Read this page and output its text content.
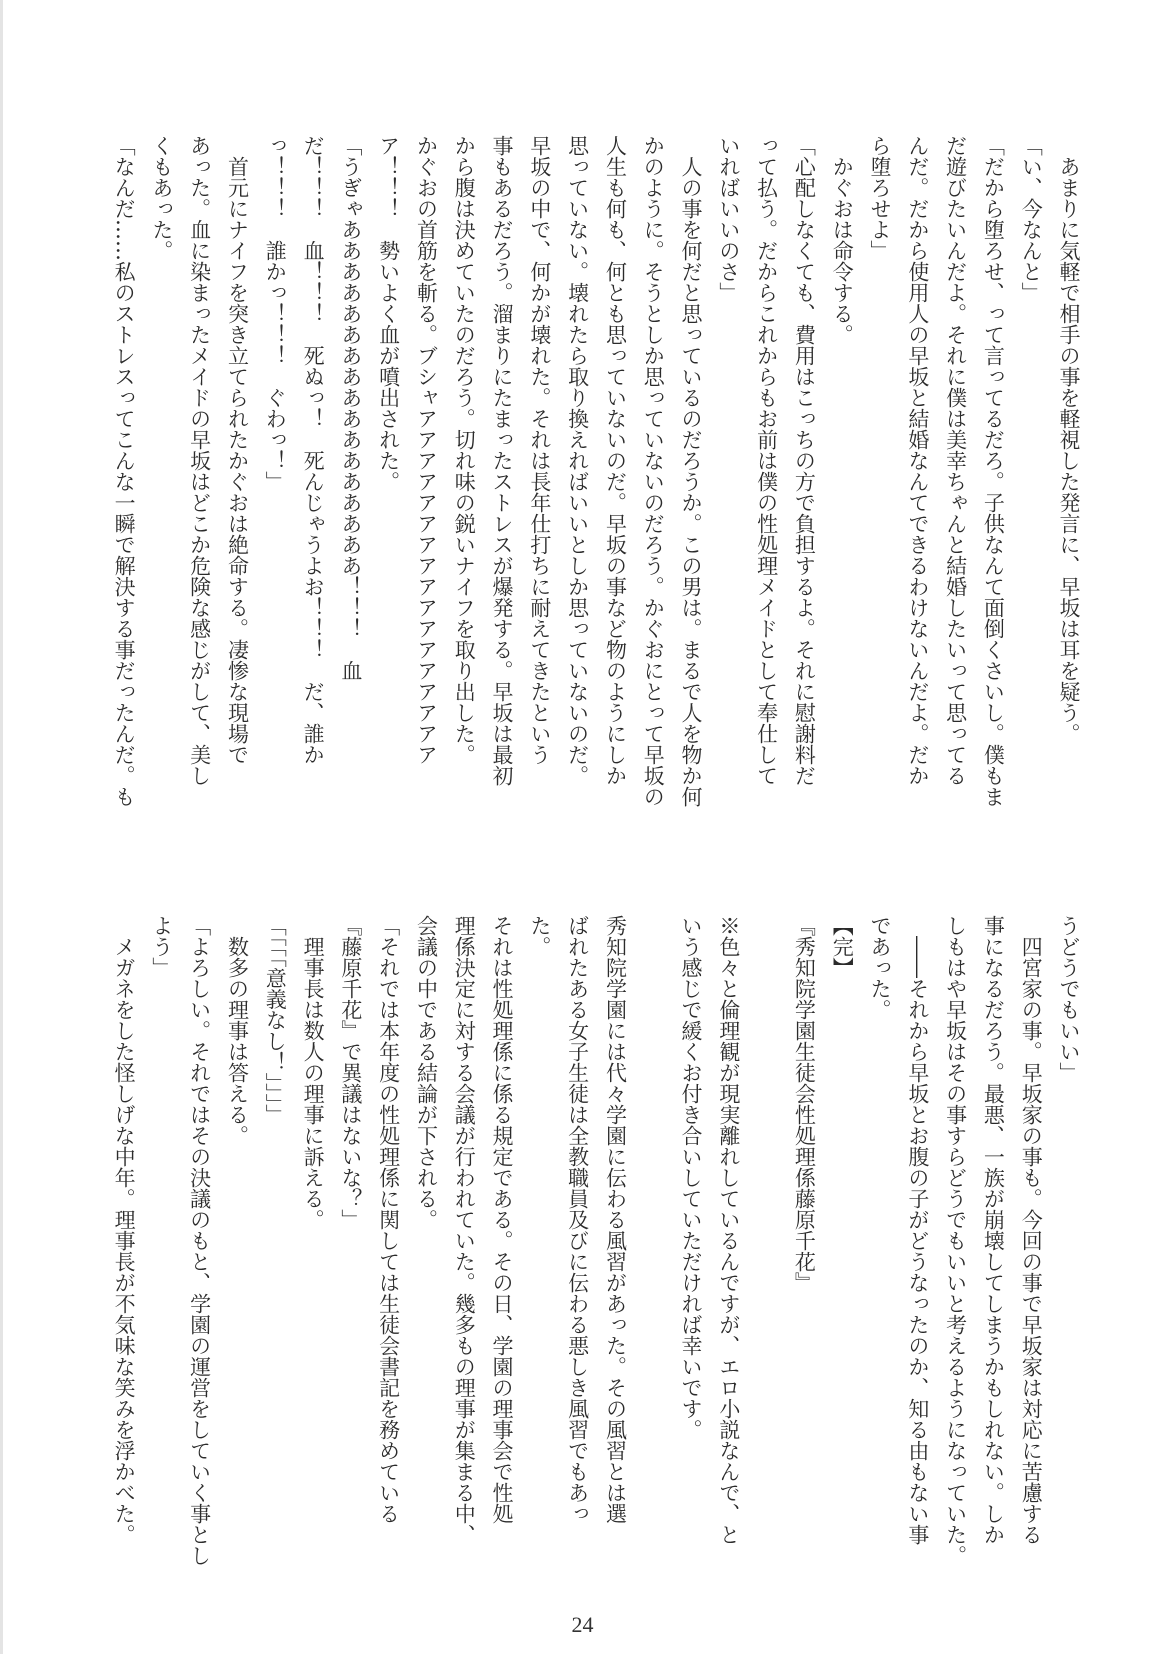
　あまりに気軽で相手の事を軽視した発言に、早坂は耳を疑う。
「い、今なんと」
「だから堕ろせ、って言ってるだろ。子供なんて面倒くさいし。僕もま
だ遊びたいんだよ。それに僕は美幸ちゃんと結婚したいって思ってる
んだ。だから使用人の早坂と結婚なんてできるわけないんだよ。だか
ら堕ろせよ」
　かぐおは命令する。
「心配しなくても、費用はこっちの方で負担するよ。それに慰謝料だ
って払う。だからこれからもお前は僕の性処理メイドとして奉仕して
いればいいのさ」
　人の事を何だと思っているのだろうか。この男は。まるで人を物か何
かのように。そうとしか思っていないのだろう。かぐおにとって早坂の
人生も何も、何とも思っていないのだ。早坂の事など物のようにしか
思っていない。壊れたら取り換えればいいとしか思っていないのだ。
早坂の中で、何かが壊れた。それは長年仕打ちに耐えてきたという
事もあるだろう。溜まりにたまったストレスが爆発する。早坂は最初
から腹は決めていたのだろう。切れ味の鋭いナイフを取り出した。
かぐおの首筋を斬る。ブシャアアアアアアアアアアアアアアアアア
ア！！！　勢いよく血が噴出された。
「うぎゃあああああああああああああああああ！！！　血
だ！！！　血！！！　死ぬっ！　死んじゃうよお！！！　だ、誰か
っ！！！　誰かっ！！！　ぐわっ！」
　首元にナイフを突き立てられたかぐおは絶命する。凄惨な現場で
あった。血に染まったメイドの早坂はどこか危険な感じがして、美し
くもあった。
「なんだ……私のストレスってこんな一瞬で解決する事だったんだ。も
うどうでもいい」
　四宮家の事。早坂家の事も。今回の事で早坂家は対応に苦慮する
事になるだろう。最悪、一族が崩壊してしまうかもしれない。しか
しもはや早坂はその事すらどうでもいいと考えるようになっていた。
　――それから早坂とお腹の子がどうなったのか、知る由もない事
であった。
【完】
『秀知院学園生徒会性処理係藤原千花』
※色々と倫理観が現実離れしているんですが、エロ小説なんで、と
いう感じで緩くお付き合いしていただければ幸いです。
秀知院学園には代々学園に伝わる風習があった。その風習とは選
ばれたある女子生徒は全教職員及びに伝わる悪しき風習でもあっ
た。
それは性処理係に係る規定である。その日、学園の理事会で性処
理係決定に対する会議が行われていた。幾多もの理事が集まる中、
会議の中である結論が下される。
「それでは本年度の性処理係に関しては生徒会書記を務めている
『藤原千花』で異議はないな？」
　理事長は数人の理事に訴える。
「「「「意義なし！」」」」
　数多の理事は答える。
「よろしい。それではその決議のもと、学園の運営をしていく事とし
よう」
　メガネをした怪しげな中年。理事長が不気味な笑みを浮かべた。
24
